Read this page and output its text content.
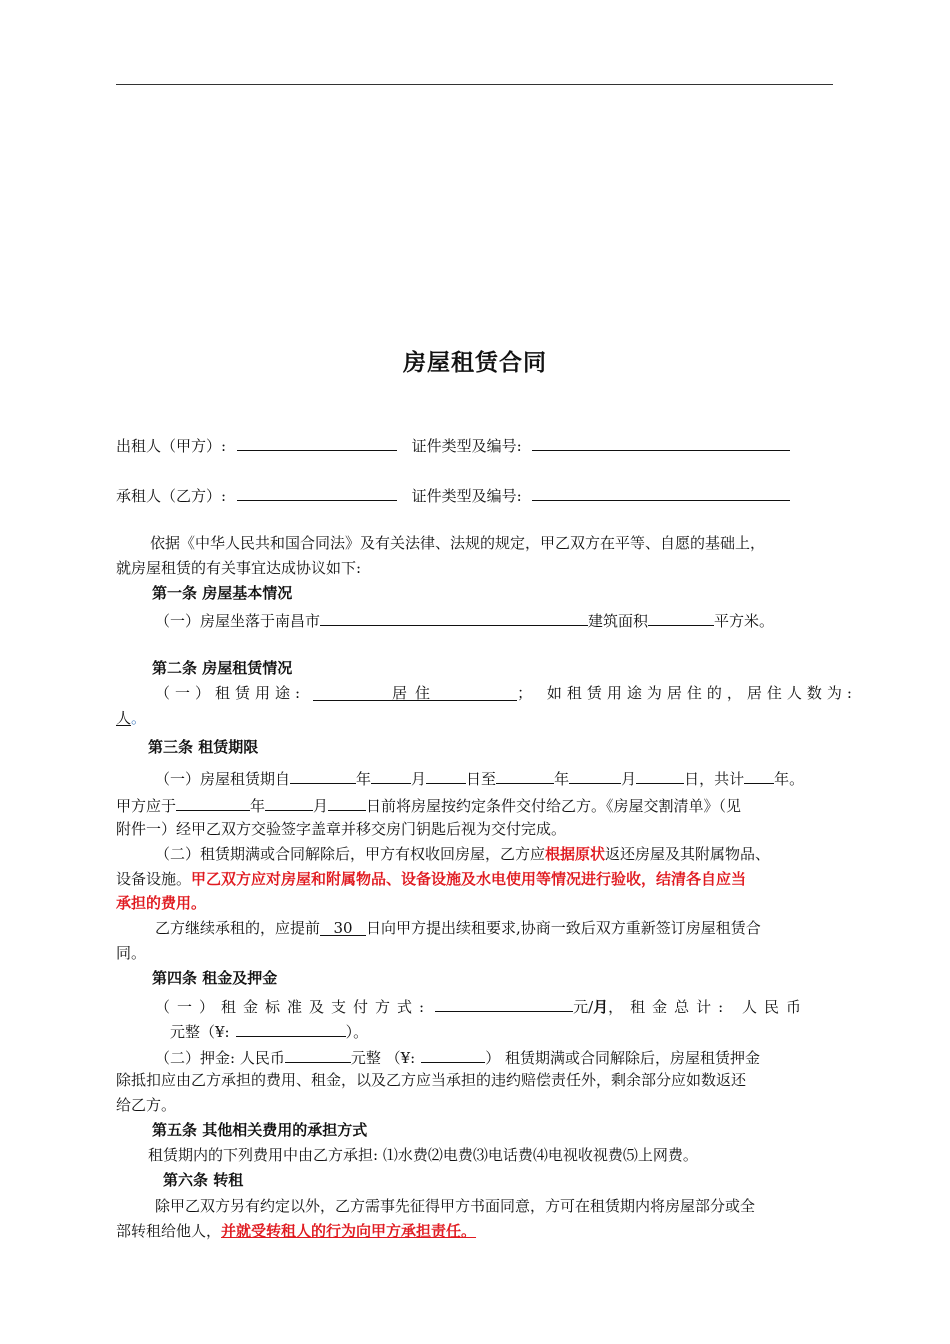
房屋租赁合同
出租人（甲方）:	证件类型及编号:
承租人（乙方）:	证件类型及编号:
依据《中华人民共和国合同法》及有关法律、法规的规定，甲乙双方在平等、自愿的基础上，
就房屋租赁的有关事宜达成协议如下:
第一条 房屋基本情况
（一）房屋坐落于南昌市	建筑面积	平方米。
第二条 房屋租赁情况
（一）租赁用途:	居住	； 如租赁用途为居住的，居住人数为:
人。
第三条 租赁期限
（一）房屋租赁期自	年	月	日至	年	月	日，共计 年。
甲方应于	年	月	日前将房屋按约定条件交付给乙方。《房屋交割清单》（见
附件一）经甲乙双方交验签字盖章并移交房门钥匙后视为交付完成。
（二）租赁期满或合同解除后，甲方有权收回房屋，乙方应根据原状返还房屋及其附属物品、
设备设施。甲乙双方应对房屋和附属物品、设备设施及水电使用等情况进行验收，结清各自应当
承担的费用。
乙方继续承租的，应提前 30 日向甲方提出续租要求,协商一致后双方重新签订房屋租赁合
同。
第四条 租金及押金
（一）租金标准及支付方式:	元/月，租金总计: 人民币
元整（¥:	）。
（二）押金: 人民币	元整 （¥:	） 租赁期满或合同解除后，房屋租赁押金
除抵扣应由乙方承担的费用、租金，以及乙方应当承担的违约赔偿责任外，剩余部分应如数返还
给乙方。
第五条 其他相关费用的承担方式
租赁期内的下列费用中由乙方承担: ⑴水费⑵电费⑶电话费⑷电视收视费⑸上网费。
第六条 转租
除甲乙双方另有约定以外，乙方需事先征得甲方书面同意，方可在租赁期内将房屋部分或全
部转租给他人，并就受转租人的行为向甲方承担责任。
